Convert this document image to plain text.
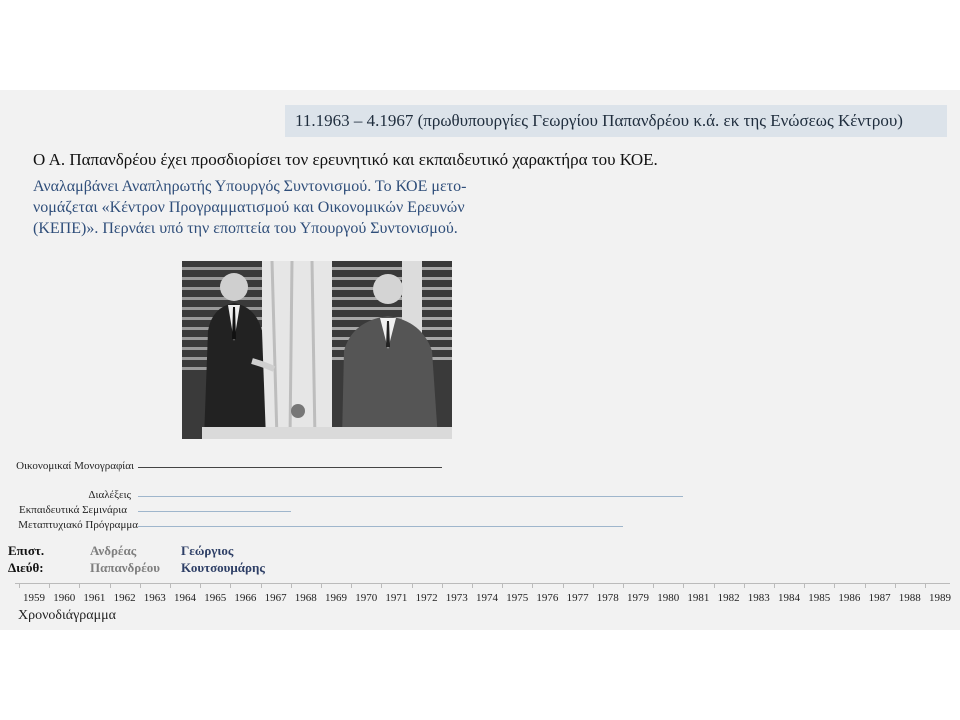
11.1963 – 4.1967 (πρωθυπουργίες Γεωργίου Παπανδρέου κ.ά. εκ της Ενώσεως Κέντρου)
Ο Α. Παπανδρέου έχει προσδιορίσει τον ερευνητικό και εκπαιδευτικό χαρακτήρα του ΚΟΕ.
Αναλαμβάνει Αναπληρωτής Υπουργός Συντονισμού. Το ΚΟΕ μετο-
νομάζεται «Κέντρον Προγραμματισμού και Οικονομικών Ερευνών
(ΚΕΠΕ)». Περνάει υπό την εποπτεία του Υπουργού Συντονισμού.
Επιστ.
Διεύθ:
Ανδρέας
Παπανδρέου
Γεώργιος
Κουτσουμάρης
Χρονοδιάγραμμα
1959 1960 1961 1962 1963 1964 1965 1966 1967 1968 1969 1970 1971 1972 1973 1974 1975 1976 1977 1978 1979 1980 1981 1982 1983 1984 1985 1986 1987 1988 1989
Οικονομικαί Μονογραφίαι
Διαλέξεις
Εκπαιδευτικά Σεμινάρια
Μεταπτυχιακό Πρόγραμμα
